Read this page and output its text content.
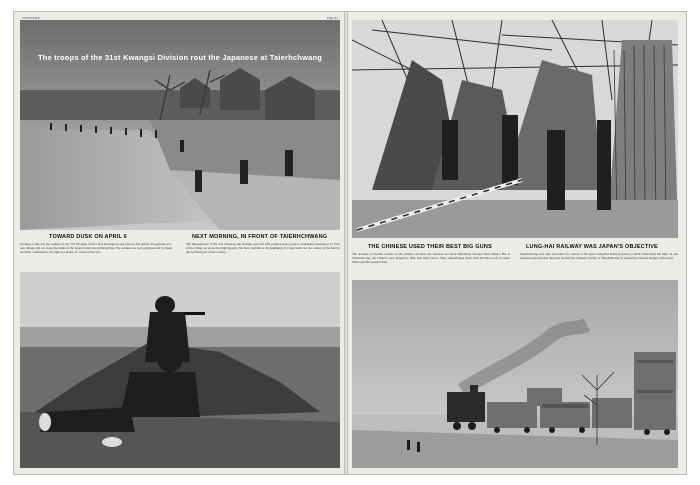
CONTINUED	Page 61
The troops of the 31st Kwangsi Division rout the Japanese at Taierhchwang
TOWARD DUSK ON APRIL 6
Evening of this day the soldiers of the 31st Division of the crack Kwangsi troops (above) file quietly through the war-torn village and out along the banks of the Grand Canal toward firing line. The soldiers are well equipped and for them and their commanders the fight is a matter of course in the war.
NEXT MORNING, IN FRONT OF TAIERHCHWANG
The Sharpshooter of the 31st Division, the machine gun and rifle position (below) have established themselves in front of the village on protective high ground. Not here, and this is the beginning of a long battle for the control of the field in the northern part of the country.
THE CHINESE USED THEIR BEST BIG GUNS
The arsenals of modern warfare in the artillery and how the Japanese are more effectively stronger than China's. But at Taierhchwang, the Chinese were helped by their best field pieces. They camouflaged them with thatched roofs to make them look like peasant huts.
LUNG-HAI RAILWAY WAS JAPAN'S OBJECTIVE
Taierhchwang was only one battle for control of the great Lung-Hai Railway (below) which China held. On May 14, the Japanese reported that they had reached the Chinese vicinity of Taierhchwang by shattering armored bridges with trucks.
